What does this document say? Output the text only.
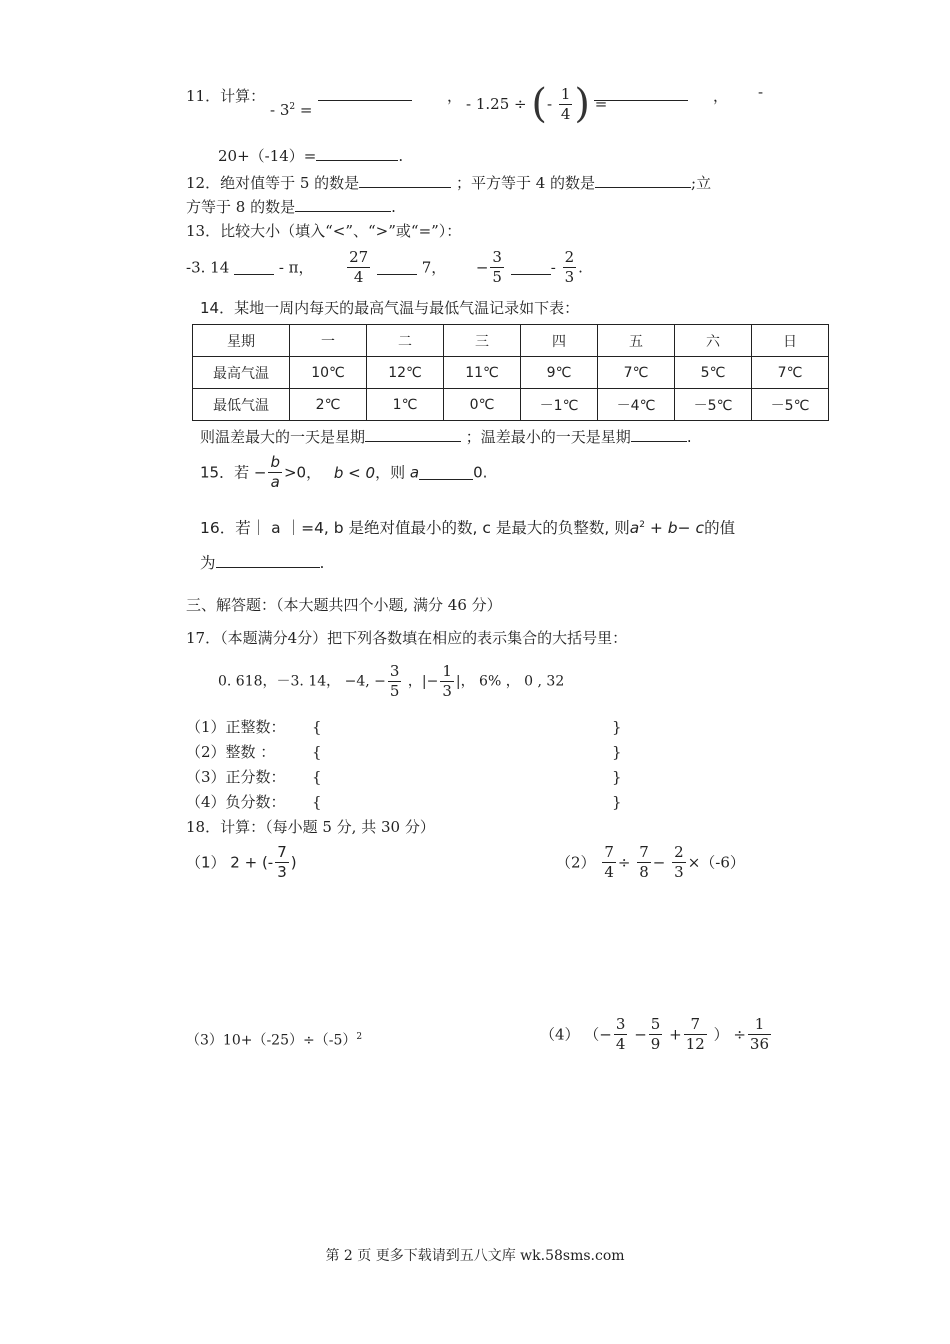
11．计算：
- $3^2$ =
， - 1.25 ÷ (- $\frac{1}{4}$ ) =	， -
20+（-14）=	.
12．绝对值等于 5 的数是	；平方等于 4 的数是	;立
方等于 8 的数是	.
13．比较大小（填入“<”、“>”或“=”）：
-3. 14	- π， $\frac{27}{4}$	7， − $\frac{3}{5}$	- $\frac{2}{3}$ .
14．某地一周内每天的最高气温与最低气温记录如下表：
星期	一	二	三	四	五	六	日
最高气温	10℃	12℃	11℃	9℃	7℃	5℃	7℃
最低气温	2℃	1℃	0℃	－1℃	－4℃	－5℃	－5℃
则温差最大的一天是星期	；温差最小的一天是星期	.
15．若 − $\frac{b}{a} >0$， b < 0，则 a	0.
16．若｜ a ｜=4, b 是绝对值最小的数, c 是最大的负整数, 则$a^2 + b- c$的值
为	.
三、解答题：（本大题共四个小题, 满分 46 分）
17．（本题满分4分）把下列各数填在相应的表示集合的大括号里：
0. 618，－3. 14， −4, − $\frac{3}{5}$ ，|− $\frac{1}{3}$ |， 6% ， 0 , 32
（1）正整数： {	}
（2）整数 ： {	}
（3）正分数： {	}
（4）负分数： {	}
18．计算：（每小题 5 分, 共 30 分）
（1） 2 + (- $\frac{7}{3}$ )	$(2) \frac{7}{4} \div \frac{7}{8} - \frac{2}{3} \times(-6)$
$(3)10+(-25)\div(-5)^2$	（4） （− $\frac{3}{4} - \frac{5}{9} + \frac{7}{12}$ ） ÷ $\frac{1}{36}$
第 2 页 更多下载请到五八文库 wk.58sms.com
